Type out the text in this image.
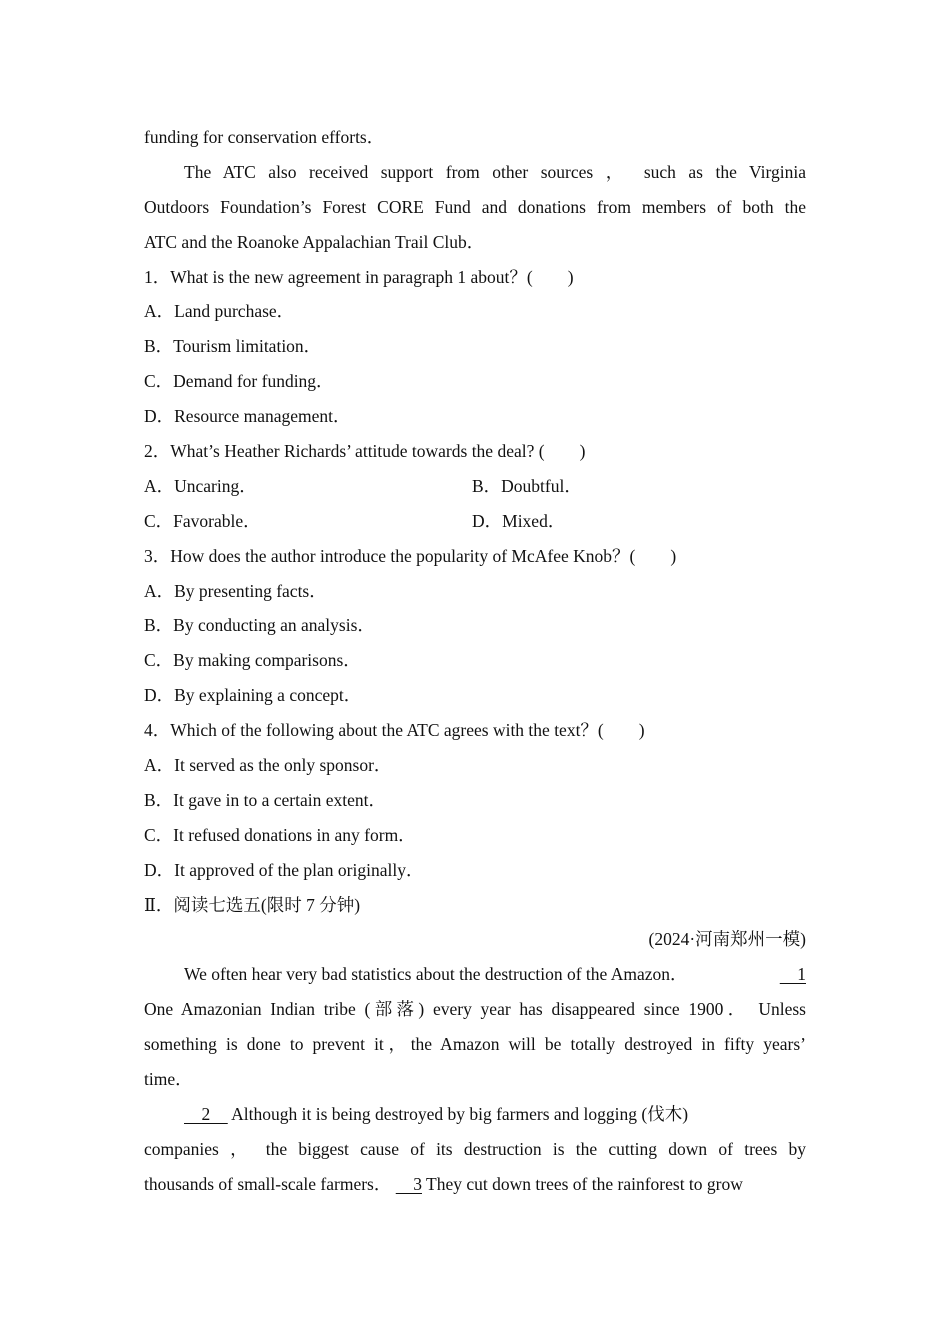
funding for conservation efforts．
The ATC also received support from other sources ， such as the Virginia
Outdoors Foundation’s Forest CORE Fund and donations from members of both the
ATC and the Roanoke Appalachian Trail Club．
1．What is the new agreement in paragraph 1 about？(　　)
A．Land purchase．
B．Tourism limitation．
C．Demand for funding．
D．Resource management．
2．What’s Heather Richards’ attitude towards the deal? (　　)
A．Uncaring．	B．Doubtful．
C．Favorable．	D．Mixed．
3．How does the author introduce the popularity of McAfee Knob？(　　)
A．By presenting facts．
B．By conducting an analysis．
C．By making comparisons．
D．By explaining a concept．
4．Which of the following about the ATC agrees with the text？(　　)
A．It served as the only sponsor．
B．It gave in to a certain extent．
C．It refused donations in any form．
D．It approved of the plan originally．
Ⅱ．阅读七选五(限时 7 分钟)
(2024·河南郑州一模)
We often hear very bad statistics about the destruction of the Amazon．	　1
One Amazonian Indian tribe (部落) every year has disappeared since 1900． Unless
something is done to prevent it，the Amazon will be totally destroyed in fifty years’
time．
　2　 Although it is being destroyed by big farmers and logging (伐木)
companies ， the biggest cause of its destruction is the cutting down of trees by
thousands of small-scale farmers． 　3 They cut down trees of the rainforest to grow
